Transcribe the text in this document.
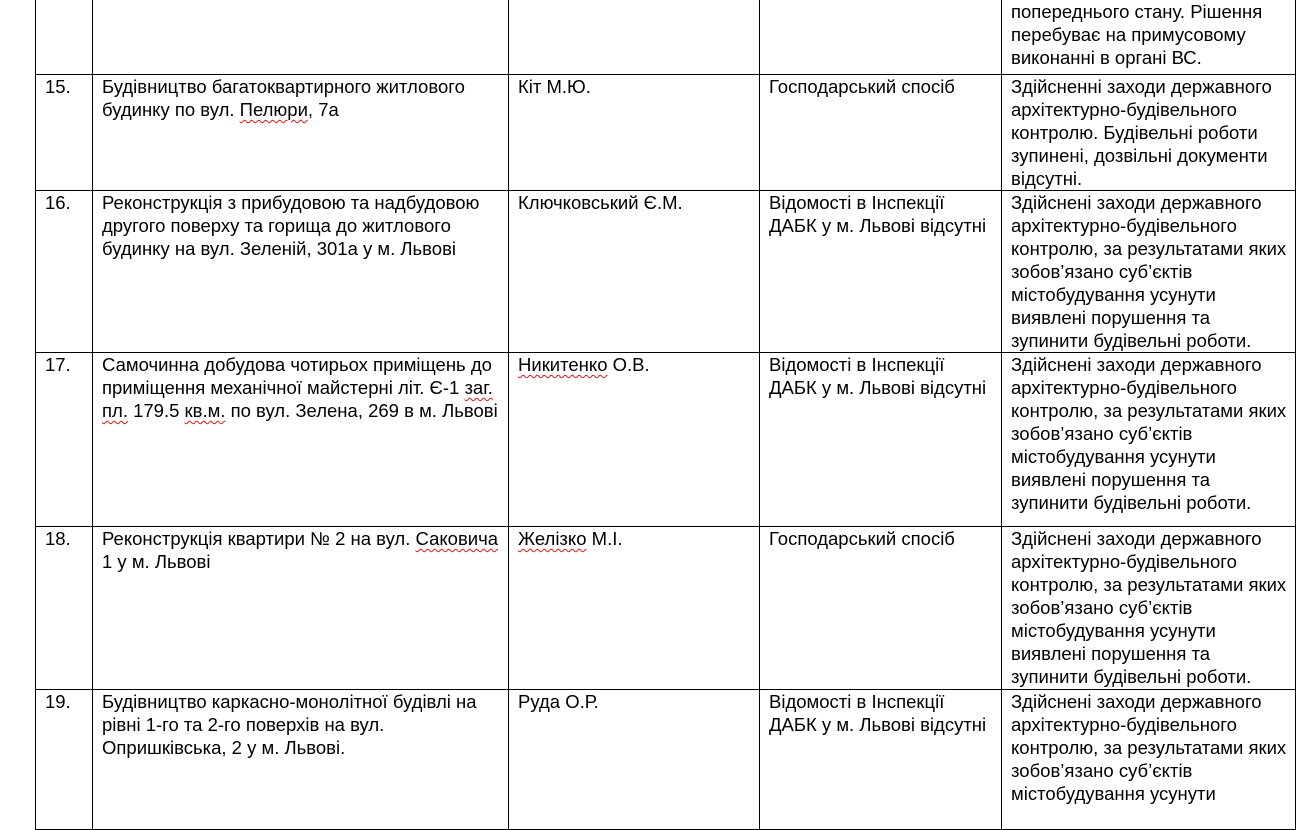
				попереднього стану. Рішення перебуває на примусовому виконанні в органі ВС.
15.	Будівництво багатоквартирного житлового будинку по вул. Пелюри, 7а	Кіт М.Ю.	Господарський спосіб	Здійсненні заходи державного архітектурно-будівельного контролю. Будівельні роботи зупинені, дозвільні документи відсутні.
16.	Реконструкція з прибудовою та надбудовою другого поверху та горища до житлового будинку на вул. Зеленій, 301а у м. Львові	Ключковський Є.М.	Відомості в Інспекції ДАБК у м. Львові відсутні	Здійснені заходи державного архітектурно-будівельного контролю, за результатами яких зобов’язано суб’єктів містобудування усунути виявлені порушення та зупинити будівельні роботи.
17.	Самочинна добудова чотирьох приміщень до приміщення механічної майстерні літ. Є-1 заг. пл. 179.5 кв.м. по вул. Зелена, 269 в м. Львові	Никитенко О.В.	Відомості в Інспекції ДАБК у м. Львові відсутні	Здійснені заходи державного архітектурно-будівельного контролю, за результатами яких зобов’язано суб’єктів містобудування усунути виявлені порушення та зупинити будівельні роботи.
18.	Реконструкція квартири № 2 на вул. Саковича 1 у м. Львові	Желізко М.І.	Господарський спосіб	Здійснені заходи державного архітектурно-будівельного контролю, за результатами яких зобов’язано суб’єктів містобудування усунути виявлені порушення та зупинити будівельні роботи.
19.	Будівництво каркасно-монолітної будівлі на рівні 1-го та 2-го поверхів на вул. Опришківська, 2 у м. Львові.	Руда О.Р.	Відомості в Інспекції ДАБК у м. Львові відсутні	Здійснені заходи державного архітектурно-будівельного контролю, за результатами яких зобов’язано суб’єктів містобудування усунути
